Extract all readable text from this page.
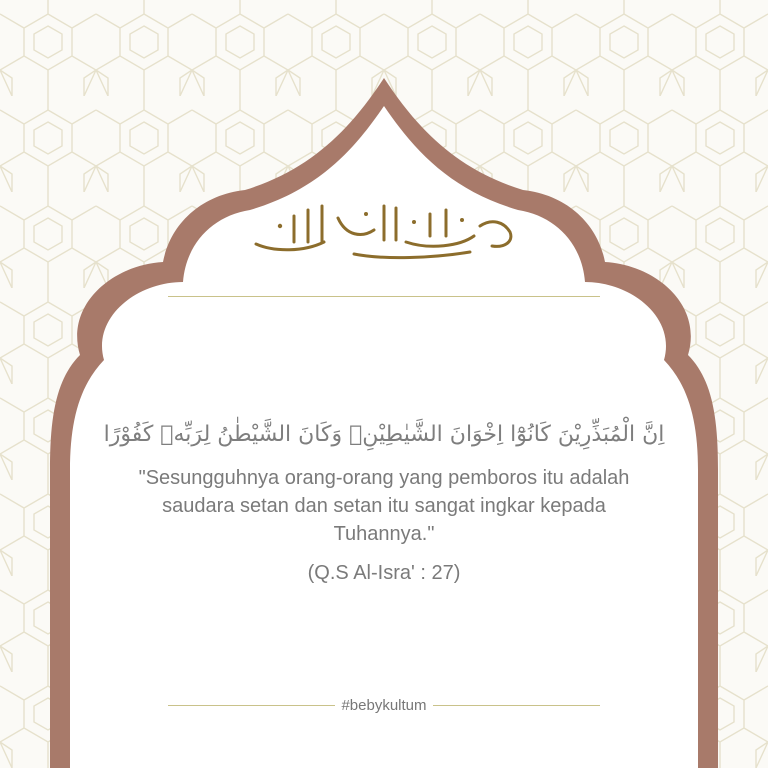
اِنَّ الْمُبَذِّرِيْنَ كَانُوْٓا اِخْوَانَ الشَّيٰطِيْنِۗ وَكَانَ الشَّيْطٰنُ لِرَبِّهٖ كَفُوْرًا
"Sesungguhnya orang-orang yang pemboros itu adalah saudara setan dan setan itu sangat ingkar kepada Tuhannya."
(Q.S Al-Isra' : 27)
#bebykultum
